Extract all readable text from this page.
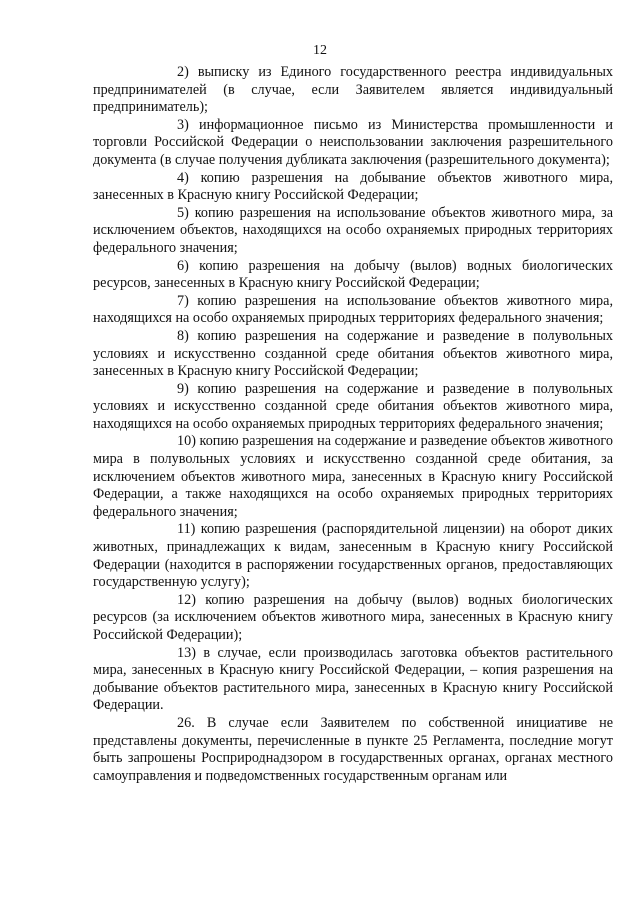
12

2) выписку из Единого государственного реестра индивидуальных предпринимателей (в случае, если Заявителем является индивидуальный предприниматель);

3) информационное письмо из Министерства промышленности и торговли Российской Федерации о неиспользовании заключения разрешительного документа (в случае получения дубликата заключения (разрешительного документа);

4) копию разрешения на добывание объектов животного мира, занесенных в Красную книгу Российской Федерации;

5) копию разрешения на использование объектов животного мира, за исключением объектов, находящихся на особо охраняемых природных территориях федерального значения;

6) копию разрешения на добычу (вылов) водных биологических ресурсов, занесенных в Красную книгу Российской Федерации;

7) копию разрешения на использование объектов животного мира, находящихся на особо охраняемых природных территориях федерального значения;

8) копию разрешения на содержание и разведение в полувольных условиях и искусственно созданной среде обитания объектов животного мира, занесенных в Красную книгу Российской Федерации;

9) копию разрешения на содержание и разведение в полувольных условиях и искусственно созданной среде обитания объектов животного мира, находящихся на особо охраняемых природных территориях федерального значения;

10) копию разрешения на содержание и разведение объектов животного мира в полувольных условиях и искусственно созданной среде обитания, за исключением объектов животного мира, занесенных в Красную книгу Российской Федерации, а также находящихся на особо охраняемых природных территориях федерального значения;

11) копию разрешения (распорядительной лицензии) на оборот диких животных, принадлежащих к видам, занесенным в Красную книгу Российской Федерации (находится в распоряжении государственных органов, предоставляющих государственную услугу);

12) копию разрешения на добычу (вылов) водных биологических ресурсов (за исключением объектов животного мира, занесенных в Красную книгу Российской Федерации);

13) в случае, если производилась заготовка объектов растительного мира, занесенных в Красную книгу Российской Федерации, – копия разрешения на добывание объектов растительного мира, занесенных в Красную книгу Российской Федерации.

26. В случае если Заявителем по собственной инициативе не представлены документы, перечисленные в пункте 25 Регламента, последние могут быть запрошены Росприроднадзором в государственных органах, органах местного самоуправления и подведомственных государственным органам или
